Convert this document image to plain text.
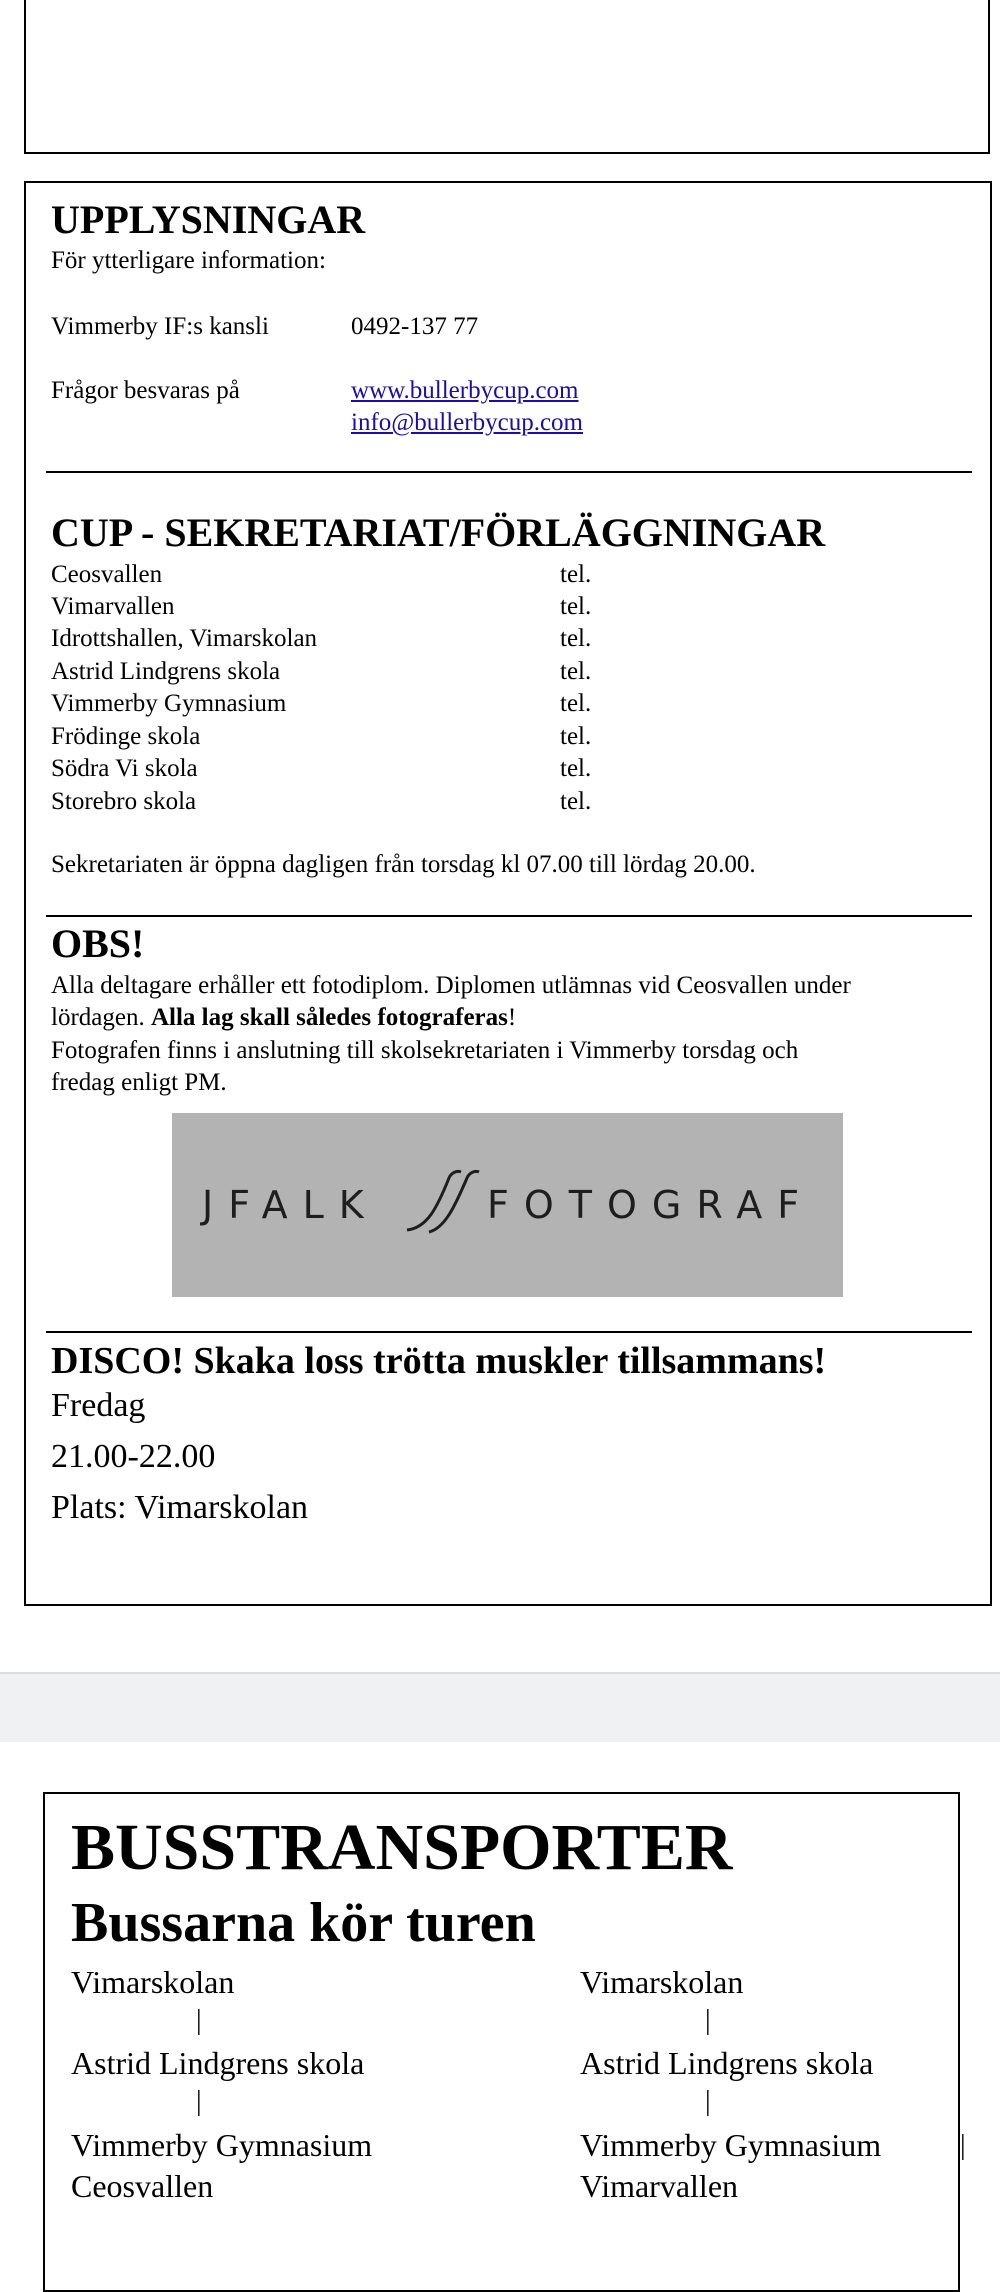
UPPLYSNINGAR
För ytterligare information:
Vimmerby IF:s kansli	0492-137 77
Frågor besvaras på	www.bullerbycup.com
info@bullerbycup.com
CUP - SEKRETARIAT/FÖRLÄGGNINGAR
Ceosvallen	tel.
Vimarvallen	tel.
Idrottshallen, Vimarskolan	tel.
Astrid Lindgrens skola	tel.
Vimmerby Gymnasium	tel.
Frödinge skola	tel.
Södra Vi skola	tel.
Storebro skola	tel.
Sekretariaten är öppna dagligen från torsdag kl 07.00 till lördag 20.00.
OBS!
Alla deltagare erhåller ett fotodiplom. Diplomen utlämnas vid Ceosvallen under
lördagen. Alla lag skall således fotograferas!
Fotografen finns i anslutning till skolsekretariaten i Vimmerby torsdag och
fredag enligt PM.
JFALK	FOTOGRAF
DISCO! Skaka loss trötta muskler tillsammans!
Fredag
21.00-22.00
Plats: Vimarskolan
BUSSTRANSPORTER
Bussarna kör turen
Vimarskolan
|
Astrid Lindgrens skola
|
Vimmerby Gymnasium
Ceosvallen
Vimarskolan
|
Astrid Lindgrens skola
|
Vimmerby Gymnasium	|
Vimarvallen
